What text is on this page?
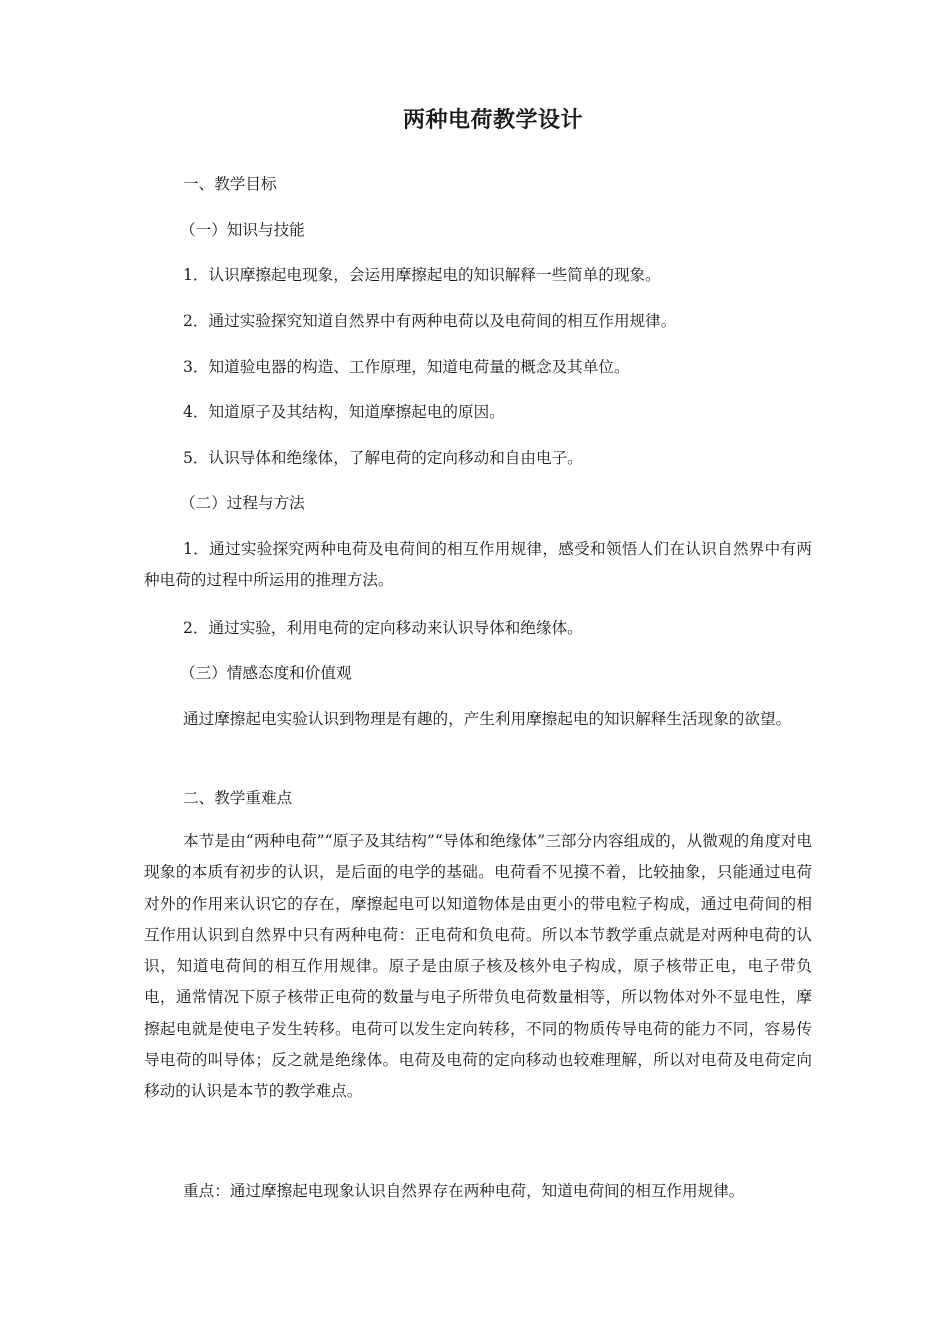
两种电荷教学设计

一、教学目标

（一）知识与技能

1．认识摩擦起电现象，会运用摩擦起电的知识解释一些简单的现象。

2．通过实验探究知道自然界中有两种电荷以及电荷间的相互作用规律。

3．知道验电器的构造、工作原理，知道电荷量的概念及其单位。

4．知道原子及其结构，知道摩擦起电的原因。

5．认识导体和绝缘体，了解电荷的定向移动和自由电子。

（二）过程与方法

1．通过实验探究两种电荷及电荷间的相互作用规律，感受和领悟人们在认识自然界中有两种电荷的过程中所运用的推理方法。

2．通过实验，利用电荷的定向移动来认识导体和绝缘体。

（三）情感态度和价值观

通过摩擦起电实验认识到物理是有趣的，产生利用摩擦起电的知识解释生活现象的欲望。

二、教学重难点

本节是由“两种电荷”“原子及其结构”“导体和绝缘体”三部分内容组成的，从微观的角度对电现象的本质有初步的认识，是后面的电学的基础。电荷看不见摸不着，比较抽象，只能通过电荷对外的作用来认识它的存在，摩擦起电可以知道物体是由更小的带电粒子构成，通过电荷间的相互作用认识到自然界中只有两种电荷：正电荷和负电荷。所以本节教学重点就是对两种电荷的认识，知道电荷间的相互作用规律。原子是由原子核及核外电子构成，原子核带正电，电子带负电，通常情况下原子核带正电荷的数量与电子所带负电荷数量相等，所以物体对外不显电性，摩擦起电就是使电子发生转移。电荷可以发生定向转移，不同的物质传导电荷的能力不同，容易传导电荷的叫导体；反之就是绝缘体。电荷及电荷的定向移动也较难理解，所以对电荷及电荷定向移动的认识是本节的教学难点。

重点：通过摩擦起电现象认识自然界存在两种电荷，知道电荷间的相互作用规律。
